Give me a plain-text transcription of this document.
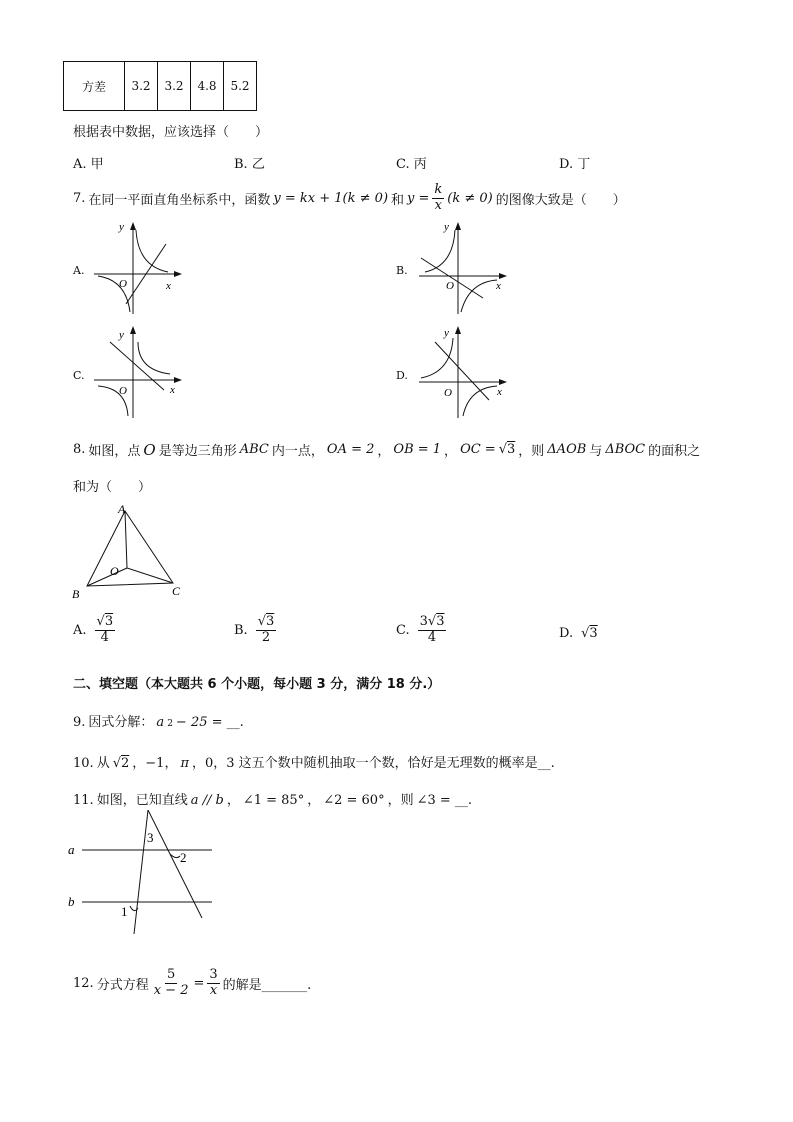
方差	3.2	3.2	4.8	5.2
根据表中数据，应该选择（　　）
A. 甲	B. 乙	C. 丙	D. 丁
7. 在同一平面直角坐标系中，函数 y = kx + 1(k ≠ 0) 和 $y = \frac{k}{x} (k \ne 0)$ 的图像大致是（　　）
A.	B.
C.	D.
y
x
O
y
x
O
y
x
O
y
x
O
8. 如图，点 O 是等边三角形 ABC 内一点， OA = 2 ， OB = 1 ， OC = √3 ，则 ΔAOB 与 ΔBOC 的面积之
和为（　　）
A
B	C
O
A. $\frac{√3}{4}$	B. $\frac{√3}{2}$	C. $\frac{3√3}{4}$	D. √3
二、填空题（本大题共 6 个小题，每小题 3 分，满分 18 分.）
9. 因式分解： a 2 − 25 = __.
10. 从 √2 ，−1， π ，0，3 这五个数中随机抽取一个数，恰好是无理数的概率是__.
11. 如图，已知直线 a // b ， ∠1 = 85° ， ∠2 = 60° ，则 ∠3 = __.
a
b
3
2
1
12. 分式方程 $\frac{5}{x - 2} = \frac{3}{x}$ 的解是_______.
